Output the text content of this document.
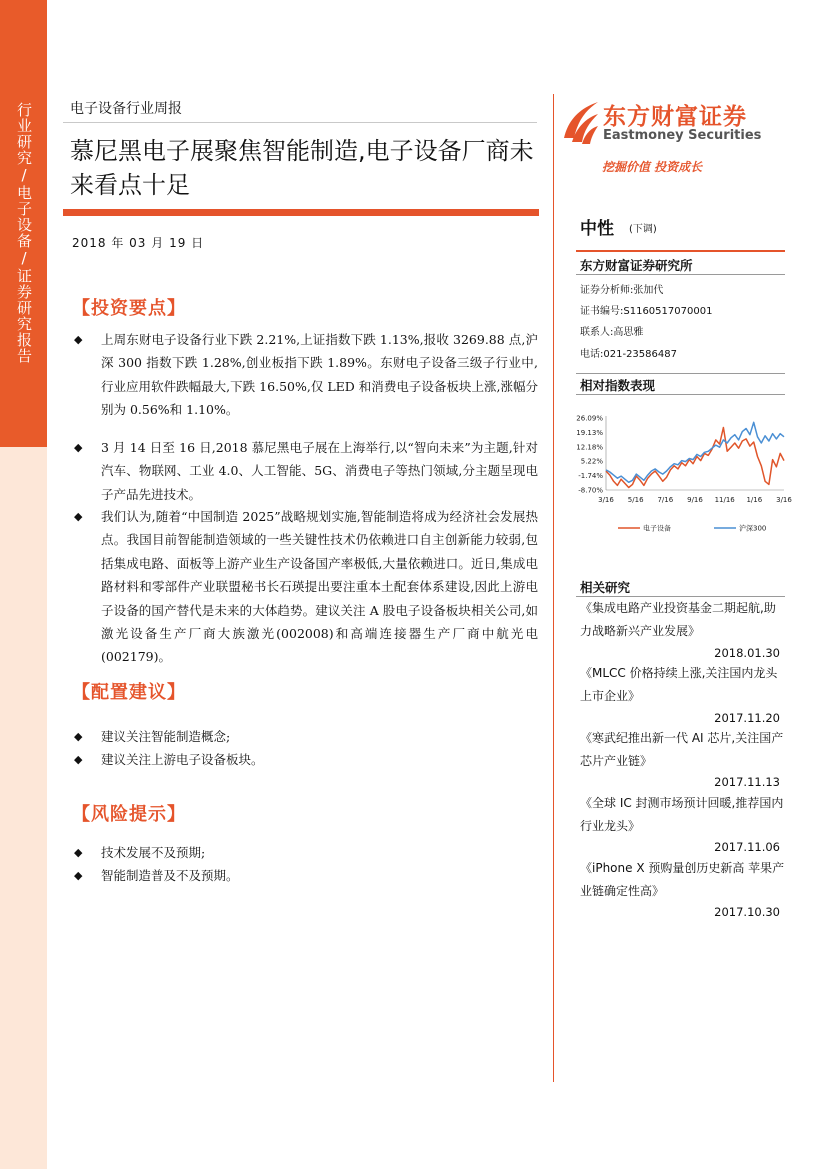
行业研究/电子设备/证券研究报告	电子设备行业周报
慕尼黑电子展聚焦智能制造,电子设备厂商未来看点十足
2018 年 03 月 19 日
【投资要点】
◆ 上周东财电子设备行业下跌 2.21%,上证指数下跌 1.13%,报收 3269.88 点,沪深 300 指数下跌 1.28%,创业板指下跌 1.89%。东财电子设备三级子行业中,行业应用软件跌幅最大,下跌 16.50%,仅 LED 和消费电子设备板块上涨,涨幅分别为 0.56%和 1.10%。

◆ 3 月 14 日至 16 日,2018 慕尼黑电子展在上海举行,以“智向未来”为主题,针对汽车、物联网、工业 4.0、人工智能、5G、消费电子等热门领域,分主题呈现电子产品先进技术。

◆ 我们认为,随着“中国制造 2025”战略规划实施,智能制造将成为经济社会发展热点。我国目前智能制造领域的一些关键性技术仍依赖进口自主创新能力较弱,包括集成电路、面板等上游产业生产设备国产率极低,大量依赖进口。近日,集成电路材料和零部件产业联盟秘书长石瑛提出要注重本土配套体系建设,因此上游电子设备的国产替代是未来的大体趋势。建议关注 A 股电子设备板块相关公司,如激光设备生产厂商大族激光(002008)和高端连接器生产厂商中航光电(002179)。

【配置建议】
◆ 建议关注智能制造概念;
◆ 建议关注上游电子设备板块。
【风险提示】
◆ 技术发展不及预期;
◆ 智能制造普及不及预期。
东方财富证券
Eastmoney Securities
挖掘价值 投资成长
中性 (下调)
东方财富证券研究所
证券分析师:张加代
证书编号:S1160517070001
联系人:高思雅
电话:021-23586487
相对指数表现
26.09%
19.13%
12.18%
5.22%
-1.74%
-8.70%
3/16 5/16 7/16 9/16 11/16 1/16 3/16
电子设备	沪深300
相关研究
《集成电路产业投资基金二期起航,助力战略新兴产业发展》
2018.01.30
《MLCC 价格持续上涨,关注国内龙头上市企业》
2017.11.20
《寒武纪推出新一代 AI 芯片,关注国产芯片产业链》
2017.11.13
《全球 IC 封测市场预计回暖,推荐国内行业龙头》
2017.11.06
《iPhone X 预购量创历史新高 苹果产业链确定性高》
2017.10.30
